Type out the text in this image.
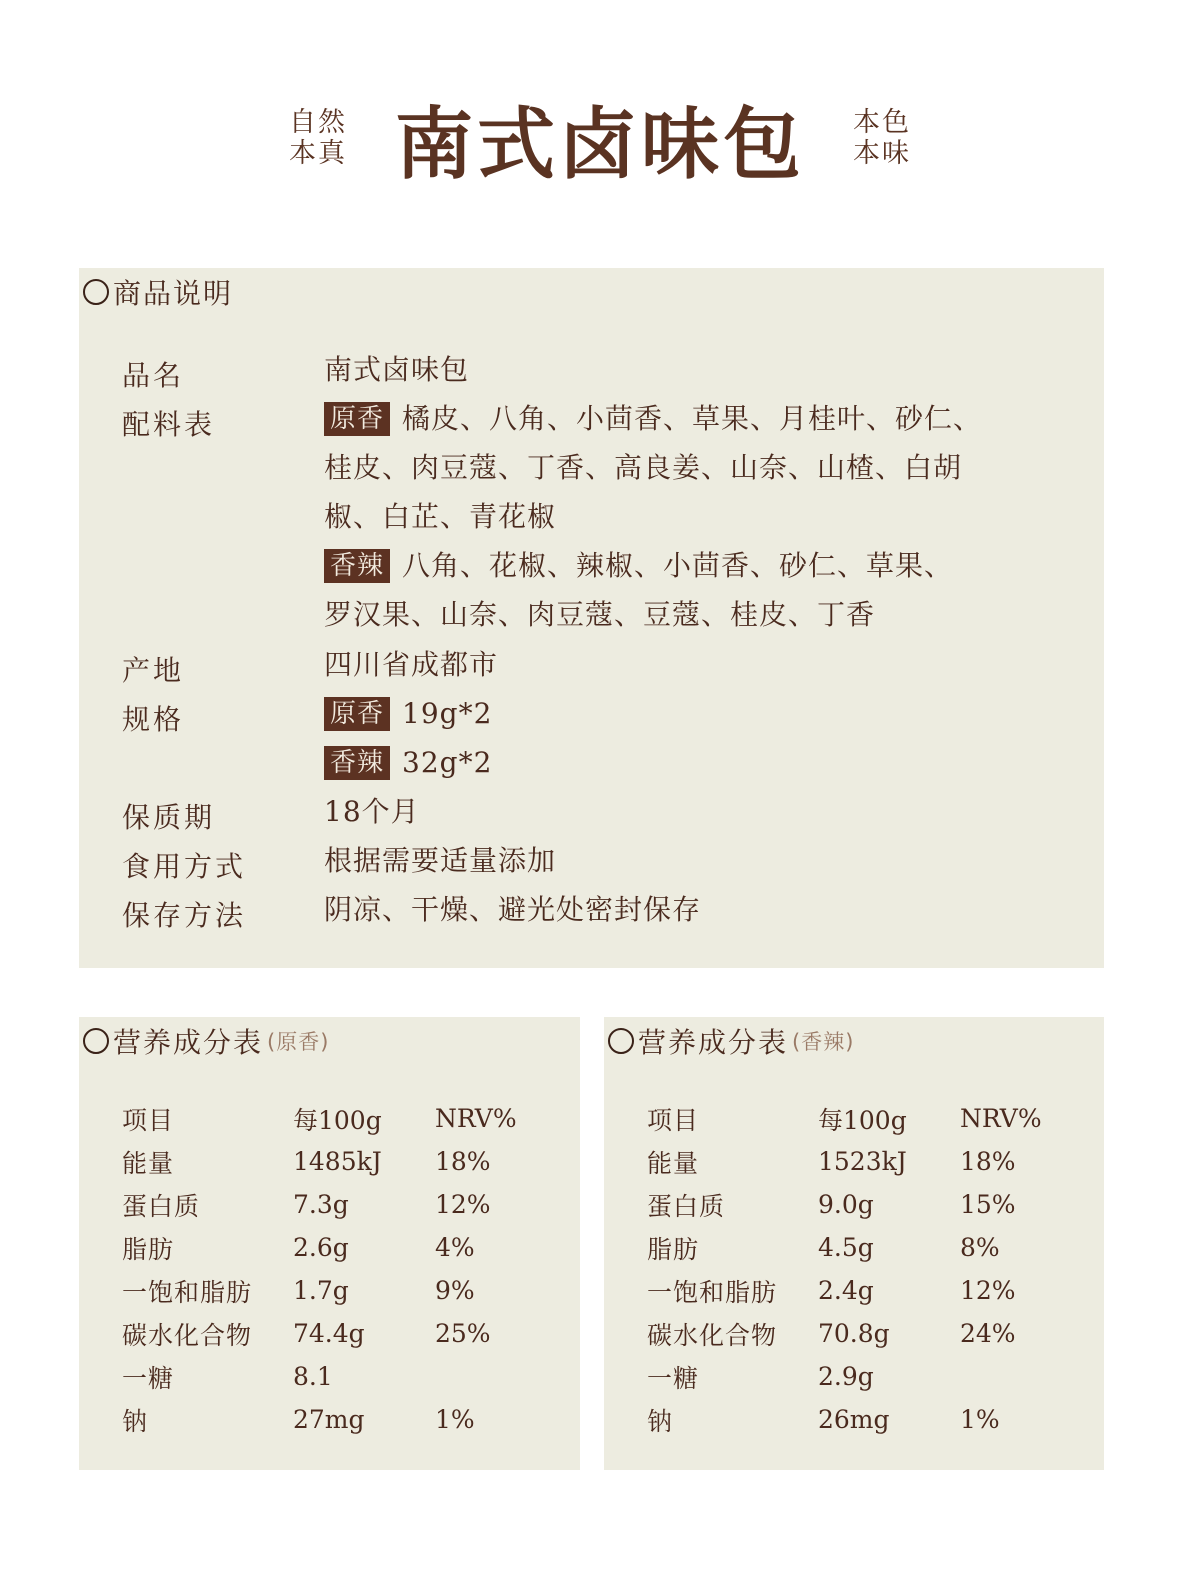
自然
本真 南式卤味包 本色
本味
商品说明
品名	南式卤味包
配料表	原香 橘皮、八角、小茴香、草果、月桂叶、砂仁、
桂皮、肉豆蔻、丁香、高良姜、山奈、山楂、白胡
椒、白芷、青花椒
香辣 八角、花椒、辣椒、小茴香、砂仁、草果、
罗汉果、山奈、肉豆蔻、豆蔻、桂皮、丁香
产地	四川省成都市
规格	原香 19g*2
香辣 32g*2
保质期	18个月
食用方式	根据需要适量添加
保存方法	阴凉、干燥、避光处密封保存
营养成分表 (原香)
项目	每100g	NRV%
能量	1485kJ	18%
蛋白质	7.3g	12%
脂肪	2.6g	4%
一饱和脂肪	1.7g	9%
碳水化合物	74.4g	25%
一糖	8.1
钠	27mg	1%
营养成分表 (香辣)
项目	每100g	NRV%
能量	1523kJ	18%
蛋白质	9.0g	15%
脂肪	4.5g	8%
一饱和脂肪	2.4g	12%
碳水化合物	70.8g	24%
一糖	2.9g
钠	26mg	1%
